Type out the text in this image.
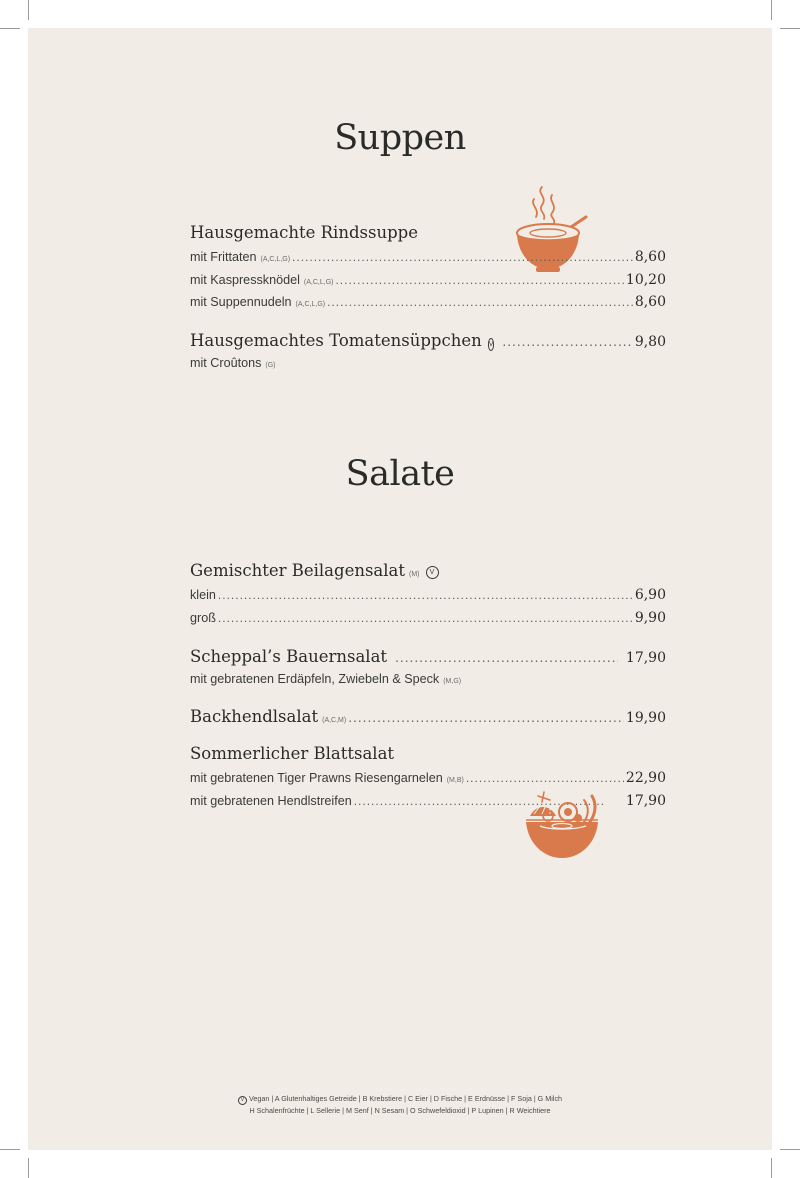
Suppen
Hausgemachte Rindssuppe
mit Frittaten (A,C,L,G) .....	8,60
mit Kaspressknödel (A,C,L,G) .....	10,20
mit Suppennudeln (A,C,L,G) .....	8,60
Hausgemachtes Tomatensüppchen V .....	9,80
mit Croûtons (G)
Salate
Gemischter Beilagensalat (M) V
klein .....	6,90
groß .....	9,90
Scheppal’s Bauernsalat .....	17,90
mit gebratenen Erdäpfeln, Zwiebeln & Speck (M,G)
Backhendlsalat (A,C,M) .....	19,90
Sommerlicher Blattsalat
mit gebratenen Tiger Prawns Riesengarnelen (M,B) .....	22,90
mit gebratenen Hendlstreifen .....	17,90
V Vegan | A Glutenhaltiges Getreide | B Krebstiere | C Eier | D Fische | E Erdnüsse | F Soja | G Milch
H Schalenfrüchte | L Sellerie | M Senf | N Sesam | O Schwefeldioxid | P Lupinen | R Weichtiere
